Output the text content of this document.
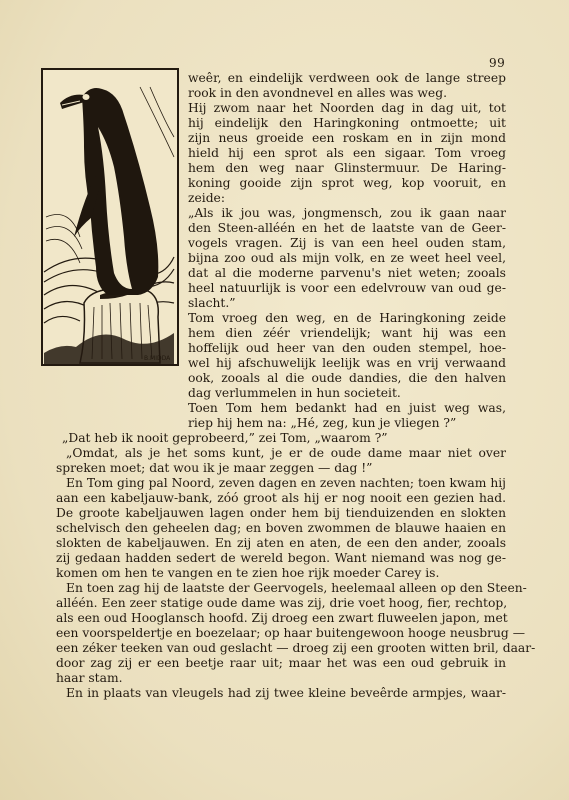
99
B.MIDDA
weêr, en eindelijk verdween ook de lange streep
rook in den avondnevel en alles was weg.
Hij zwom naar het Noorden dag in dag uit, tot
hij eindelijk den Haringkoning ontmoette; uit
zijn neus groeide een roskam en in zijn mond
hield hij een sprot als een sigaar. Tom vroeg
hem den weg naar Glinstermuur. De Haring-
koning gooide zijn sprot weg, kop vooruit, en
zeide:
„Als ik jou was, jongmensch, zou ik gaan naar
den Steen-alléén en het de laatste van de Geer-
vogels vragen. Zij is van een heel ouden stam,
bijna zoo oud als mijn volk, en ze weet heel veel,
dat al die moderne parvenu's niet weten; zooals
heel natuurlijk is voor een edelvrouw van oud ge-
slacht.”
Tom vroeg den weg, en de Haringkoning zeide
hem dien zéér vriendelijk; want hij was een
hoffelijk oud heer van den ouden stempel, hoe-
wel hij afschuwelijk leelijk was en vrij verwaand
ook, zooals al die oude dandies, die den halven
dag verlummelen in hun societeit.
Toen Tom hem bedankt had en juist weg was,
riep hij hem na: „Hé, zeg, kun je vliegen ?”
„Dat heb ik nooit geprobeerd,” zei Tom, „waarom ?”
„Omdat, als je het soms kunt, je er de oude dame maar niet over
spreken moet; dat wou ik je maar zeggen — dag !”
En Tom ging pal Noord, zeven dagen en zeven nachten; toen kwam hij
aan een kabeljauw-bank, zóó groot als hij er nog nooit een gezien had.
De groote kabeljauwen lagen onder hem bij tienduizenden en slokten
schelvisch den geheelen dag; en boven zwommen de blauwe haaien en
slokten de kabeljauwen. En zij aten en aten, de een den ander, zooals
zij gedaan hadden sedert de wereld begon. Want niemand was nog ge-
komen om hen te vangen en te zien hoe rijk moeder Carey is.
En toen zag hij de laatste der Geervogels, heelemaal alleen op den Steen-
alléén. Een zeer statige oude dame was zij, drie voet hoog, fier, rechtop,
als een oud Hooglansch hoofd. Zij droeg een zwart fluweelen japon, met
een voorspeldertje en boezelaar; op haar buitengewoon hooge neusbrug —
een zéker teeken van oud geslacht — droeg zij een grooten witten bril, daar-
door zag zij er een beetje raar uit; maar het was een oud gebruik in
haar stam.
En in plaats van vleugels had zij twee kleine beveêrde armpjes, waar-
